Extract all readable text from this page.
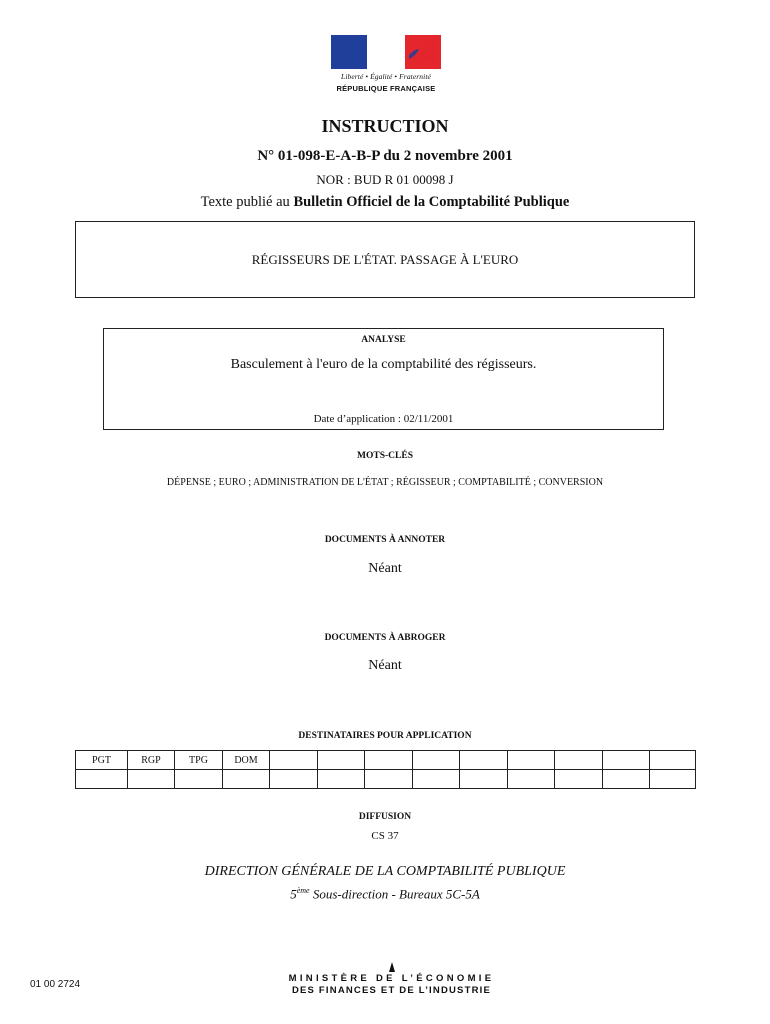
Liberté • Égalité • Fraternité
RÉPUBLIQUE FRANÇAISE
INSTRUCTION
N° 01-098-E-A-B-P du 2 novembre 2001
NOR : BUD R 01 00098 J
Texte publié au Bulletin Officiel de la Comptabilité Publique
RÉGISSEURS DE L'ÉTAT. PASSAGE À L'EURO
ANALYSE
Basculement à l'euro de la comptabilité des régisseurs.
Date d’application : 02/11/2001
MOTS-CLÉS
DÉPENSE ; EURO ; ADMINISTRATION DE L'ÉTAT ; RÉGISSEUR ; COMPTABILITÉ ; CONVERSION
DOCUMENTS À ANNOTER
Néant
DOCUMENTS À ABROGER
Néant
DESTINATAIRES POUR APPLICATION
PGT	RGP	TPG	DOM									

DIFFUSION
CS 37
DIRECTION GÉNÉRALE DE LA COMPTABILITÉ PUBLIQUE
5ème Sous-direction - Bureaux 5C-5A
01 00 2724
MINISTÈRE DE L’ÉCONOMIE
DES FINANCES ET DE L’INDUSTRIE
